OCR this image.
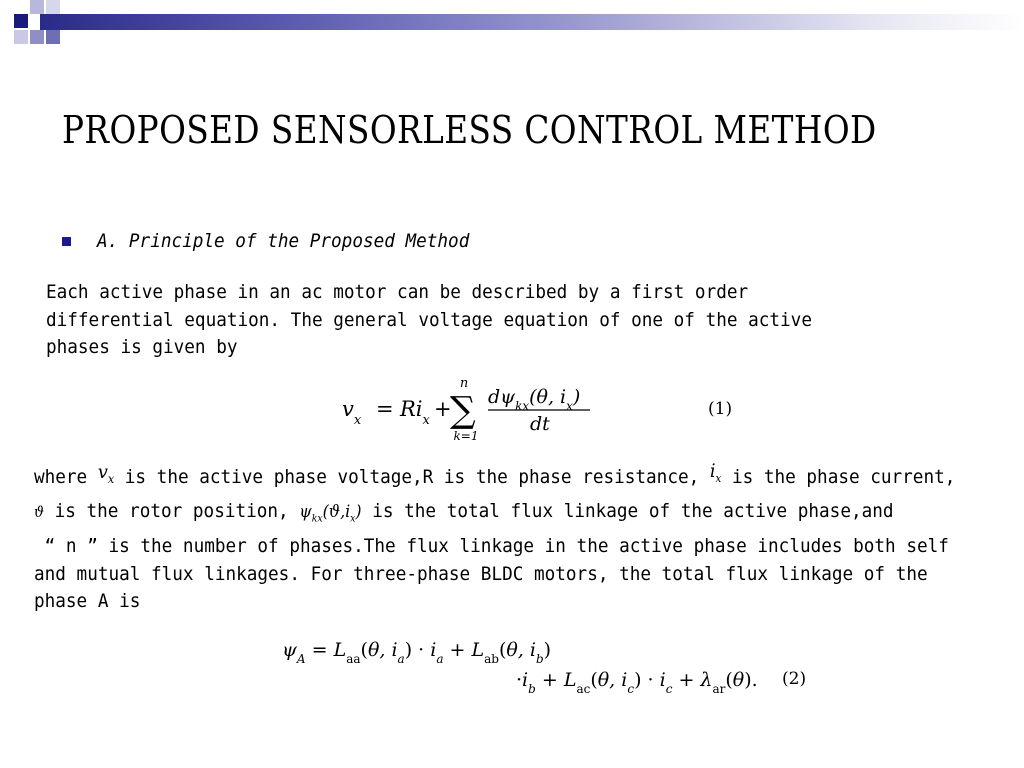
PROPOSED SENSORLESS CONTROL METHOD
A. Principle of the Proposed Method
Each active phase in an ac motor can be described by a first order
differential equation. The general voltage equation of one of the active
phases is given by
$v_x = Ri_x$ +
n
∑
k=1
$d\psi_{kx}(\theta$, $i_x$)
dt
(1)
where $v_x$ is the active phase voltage,R is the phase resistance, $i_x$ is the phase current,
ϑ is the rotor position, $\psi_{kx}(ϑ,i_x)$ is the total flux linkage of the active phase,and
“ n ” is the number of phases.The flux linkage in the active phase includes both self
and mutual flux linkages. For three-phase BLDC motors, the total flux linkage of the
phase A is
$\psi_A = L_{aa}(\theta$, $i_a) \cdot i_a + L_{ab}(\theta$, $i_b$)
$\cdot i_b + L_{ac}(\theta$, $i_c) \cdot i_c + \lambda_{ar}(\theta)$. (2)
